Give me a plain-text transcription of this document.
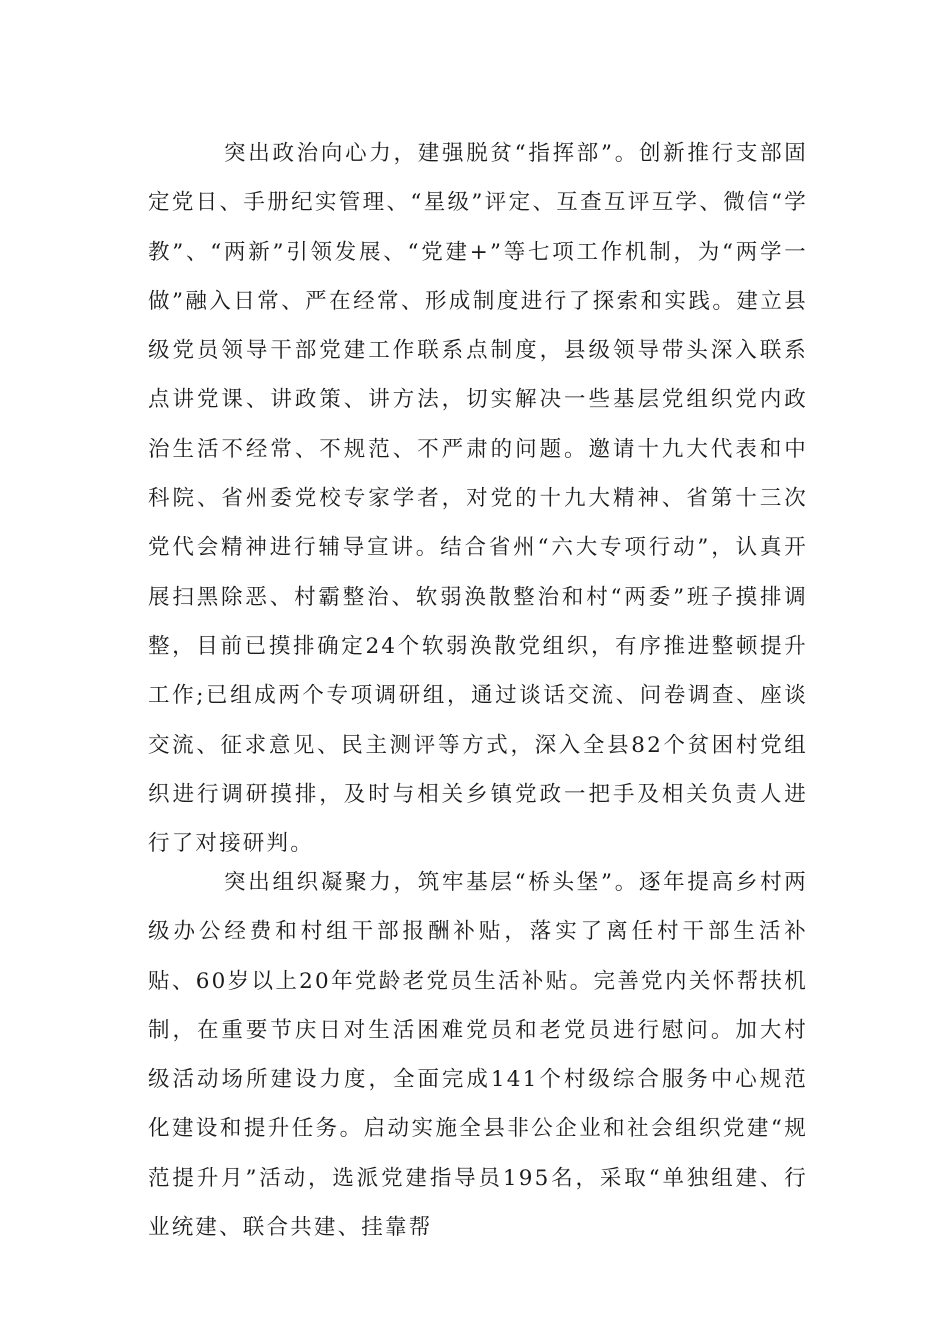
突出政治向心力，建强脱贫“指挥部”。创新推行支部固定党日、手册纪实管理、“星级”评定、互查互评互学、微信“学教”、“两新”引领发展、“党建+”等七项工作机制，为“两学一做”融入日常、严在经常、形成制度进行了探索和实践。建立县级党员领导干部党建工作联系点制度，县级领导带头深入联系点讲党课、讲政策、讲方法，切实解决一些基层党组织党内政治生活不经常、不规范、不严肃的问题。邀请十九大代表和中科院、省州委党校专家学者，对党的十九大精神、省第十三次党代会精神进行辅导宣讲。结合省州“六大专项行动”，认真开展扫黑除恶、村霸整治、软弱涣散整治和村“两委”班子摸排调整，目前已摸排确定24个软弱涣散党组织，有序推进整顿提升工作;已组成两个专项调研组，通过谈话交流、问卷调查、座谈交流、征求意见、民主测评等方式，深入全县82个贫困村党组织进行调研摸排，及时与相关乡镇党政一把手及相关负责人进行了对接研判。

突出组织凝聚力，筑牢基层“桥头堡”。逐年提高乡村两级办公经费和村组干部报酬补贴，落实了离任村干部生活补贴、60岁以上20年党龄老党员生活补贴。完善党内关怀帮扶机制，在重要节庆日对生活困难党员和老党员进行慰问。加大村级活动场所建设力度，全面完成141个村级综合服务中心规范化建设和提升任务。启动实施全县非公企业和社会组织党建“规范提升月”活动，选派党建指导员195名，采取“单独组建、行业统建、联合共建、挂靠帮
